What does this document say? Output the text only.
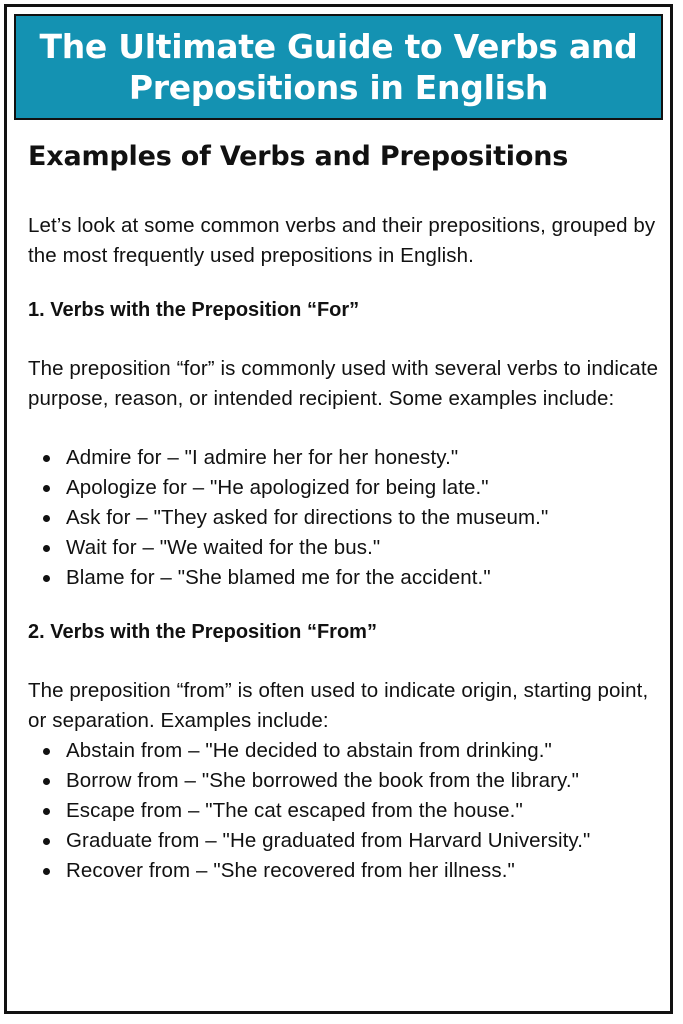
The Ultimate Guide to Verbs and
Prepositions in English
Examples of Verbs and Prepositions

Let’s look at some common verbs and their prepositions, grouped by the most frequently used prepositions in English.

1. Verbs with the Preposition “For”

The preposition “for” is commonly used with several verbs to indicate purpose, reason, or intended recipient. Some examples include:

Admire for – "I admire her for her honesty."
Apologize for – "He apologized for being late."
Ask for – "They asked for directions to the museum."
Wait for – "We waited for the bus."
Blame for – "She blamed me for the accident."
2. Verbs with the Preposition “From”

The preposition “from” is often used to indicate origin, starting point, or separation. Examples include:

Abstain from – "He decided to abstain from drinking."
Borrow from – "She borrowed the book from the library."
Escape from – "The cat escaped from the house."
Graduate from – "He graduated from Harvard University."
Recover from – "She recovered from her illness."
